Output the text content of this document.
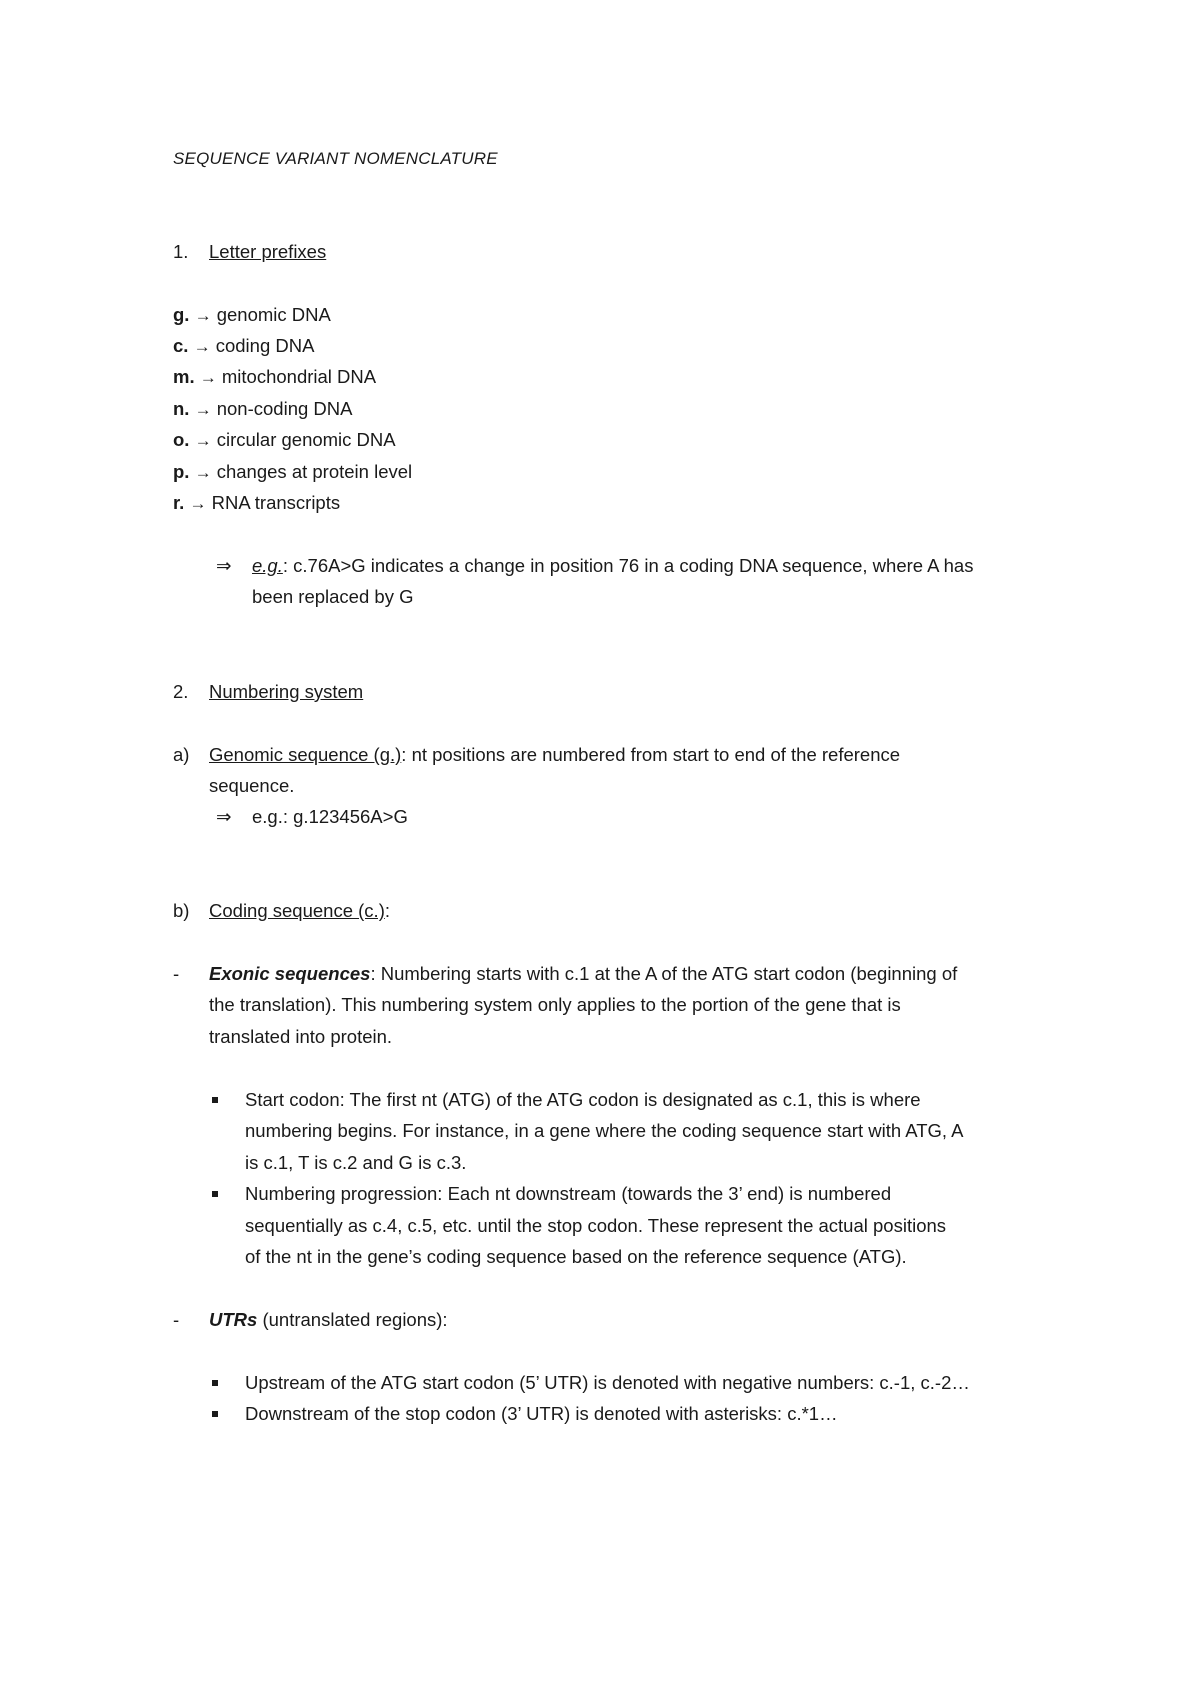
SEQUENCE VARIANT NOMENCLATURE
1. Letter prefixes
g. → genomic DNA
c. → coding DNA
m. → mitochondrial DNA
n. → non-coding DNA
o. → circular genomic DNA
p. → changes at protein level
r. → RNA transcripts
⇒ e.g.: c.76A>G indicates a change in position 76 in a coding DNA sequence, where A has
been replaced by G
2. Numbering system
a) Genomic sequence (g.): nt positions are numbered from start to end of the reference
sequence.
⇒ e.g.: g.123456A>G
b) Coding sequence (c.):
- Exonic sequences: Numbering starts with c.1 at the A of the ATG start codon (beginning of
the translation). This numbering system only applies to the portion of the gene that is
translated into protein.
Start codon: The first nt (ATG) of the ATG codon is designated as c.1, this is where
numbering begins. For instance, in a gene where the coding sequence start with ATG, A
is c.1, T is c.2 and G is c.3.
Numbering progression: Each nt downstream (towards the 3’ end) is numbered
sequentially as c.4, c.5, etc. until the stop codon. These represent the actual positions
of the nt in the gene’s coding sequence based on the reference sequence (ATG).
- UTRs (untranslated regions):
Upstream of the ATG start codon (5’ UTR) is denoted with negative numbers: c.-1, c.-2…
Downstream of the stop codon (3’ UTR) is denoted with asterisks: c.*1…
